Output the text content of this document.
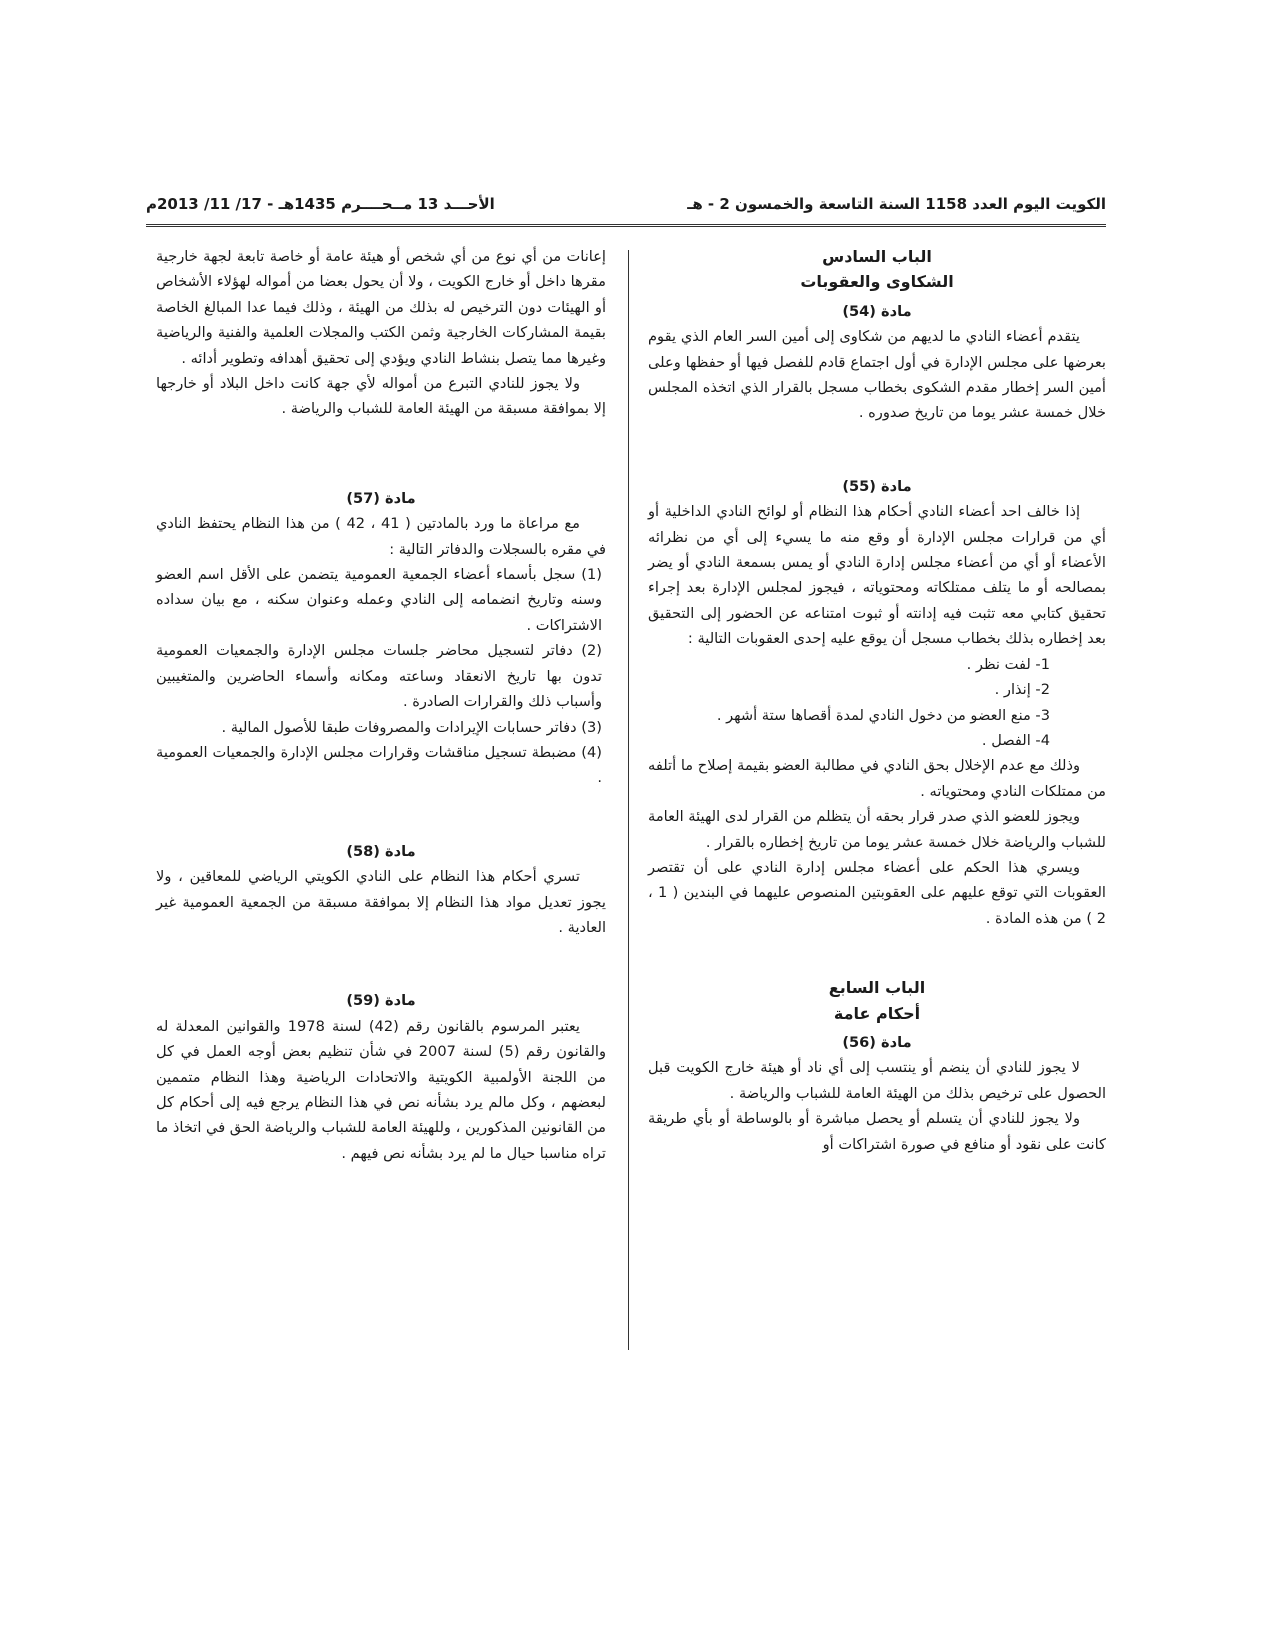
الكويت اليوم العدد 1158 السنة التاسعة والخمسون 2 - هـ
الأحـــد 13 مــحــــرم 1435هـ - 17/ 11/ 2013م
الباب السادس
الشكاوى والعقوبات
مادة (54)

يتقدم أعضاء النادي ما لديهم من شكاوى إلى أمين السر العام الذي يقوم بعرضها على مجلس الإدارة في أول اجتماع قادم للفصل فيها أو حفظها وعلى أمين السر إخطار مقدم الشكوى بخطاب مسجل بالقرار الذي اتخذه المجلس خلال خمسة عشر يوما من تاريخ صدوره .

مادة (55)

إذا خالف احد أعضاء النادي أحكام هذا النظام أو لوائح النادي الداخلية أو أي من قرارات مجلس الإدارة أو وقع منه ما يسيء إلى أي من نظرائه الأعضاء أو أي من أعضاء مجلس إدارة النادي أو يمس بسمعة النادي أو يضر بمصالحه أو ما يتلف ممتلكاته ومحتوياته ، فيجوز لمجلس الإدارة بعد إجراء تحقيق كتابي معه تثبت فيه إدانته أو ثبوت امتناعه عن الحضور إلى التحقيق بعد إخطاره بذلك بخطاب مسجل أن يوقع عليه إحدى العقوبات التالية :

1- لفت نظر .

2- إنذار .

3- منع العضو من دخول النادي لمدة أقصاها ستة أشهر .

4- الفصل .

وذلك مع عدم الإخلال بحق النادي في مطالبة العضو بقيمة إصلاح ما أتلفه من ممتلكات النادي ومحتوياته .

ويجوز للعضو الذي صدر قرار بحقه أن يتظلم من القرار لدى الهيئة العامة للشباب والرياضة خلال خمسة عشر يوما من تاريخ إخطاره بالقرار .

ويسري هذا الحكم على أعضاء مجلس إدارة النادي على أن تقتصر العقوبات التي توقع عليهم على العقوبتين المنصوص عليهما في البندين ( 1 ، 2 ) من هذه المادة .

الباب السابع
أحكام عامة
مادة (56)

لا يجوز للنادي أن ينضم أو ينتسب إلى أي ناد أو هيئة خارج الكويت قبل الحصول على ترخيص بذلك من الهيئة العامة للشباب والرياضة .

ولا يجوز للنادي أن يتسلم أو يحصل مباشرة أو بالوساطة أو بأي طريقة كانت على نقود أو منافع في صورة اشتراكات أو

إعانات من أي نوع من أي شخص أو هيئة عامة أو خاصة تابعة لجهة خارجية مقرها داخل أو خارج الكويت ، ولا أن يحول بعضا من أمواله لهؤلاء الأشخاص أو الهيئات دون الترخيص له بذلك من الهيئة ، وذلك فيما عدا المبالغ الخاصة بقيمة المشاركات الخارجية وثمن الكتب والمجلات العلمية والفنية والرياضية وغيرها مما يتصل بنشاط النادي ويؤدي إلى تحقيق أهدافه وتطوير أدائه .

ولا يجوز للنادي التبرع من أمواله لأي جهة كانت داخل البلاد أو خارجها إلا بموافقة مسبقة من الهيئة العامة للشباب والرياضة .

مادة (57)

مع مراعاة ما ورد بالمادتين ( 41 ، 42 ) من هذا النظام يحتفظ النادي في مقره بالسجلات والدفاتر التالية :

(1) سجل بأسماء أعضاء الجمعية العمومية يتضمن على الأقل اسم العضو وسنه وتاريخ انضمامه إلى النادي وعمله وعنوان سكنه ، مع بيان سداده الاشتراكات .

(2) دفاتر لتسجيل محاضر جلسات مجلس الإدارة والجمعيات العمومية تدون بها تاريخ الانعقاد وساعته ومكانه وأسماء الحاضرين والمتغيبين وأسباب ذلك والقرارات الصادرة .

(3) دفاتر حسابات الإيرادات والمصروفات طبقا للأصول المالية .

(4) مضبطة تسجيل مناقشات وقرارات مجلس الإدارة والجمعيات العمومية .

مادة (58)

تسري أحكام هذا النظام على النادي الكويتي الرياضي للمعاقين ، ولا يجوز تعديل مواد هذا النظام إلا بموافقة مسبقة من الجمعية العمومية غير العادية .

مادة (59)

يعتبر المرسوم بالقانون رقم (42) لسنة 1978 والقوانين المعدلة له والقانون رقم (5) لسنة 2007 في شأن تنظيم بعض أوجه العمل في كل من اللجنة الأولمبية الكويتية والاتحادات الرياضية وهذا النظام متممين لبعضهم ، وكل مالم يرد بشأنه نص في هذا النظام يرجع فيه إلى أحكام كل من القانونين المذكورين ، وللهيئة العامة للشباب والرياضة الحق في اتخاذ ما تراه مناسبا حيال ما لم يرد بشأنه نص فيهم .
